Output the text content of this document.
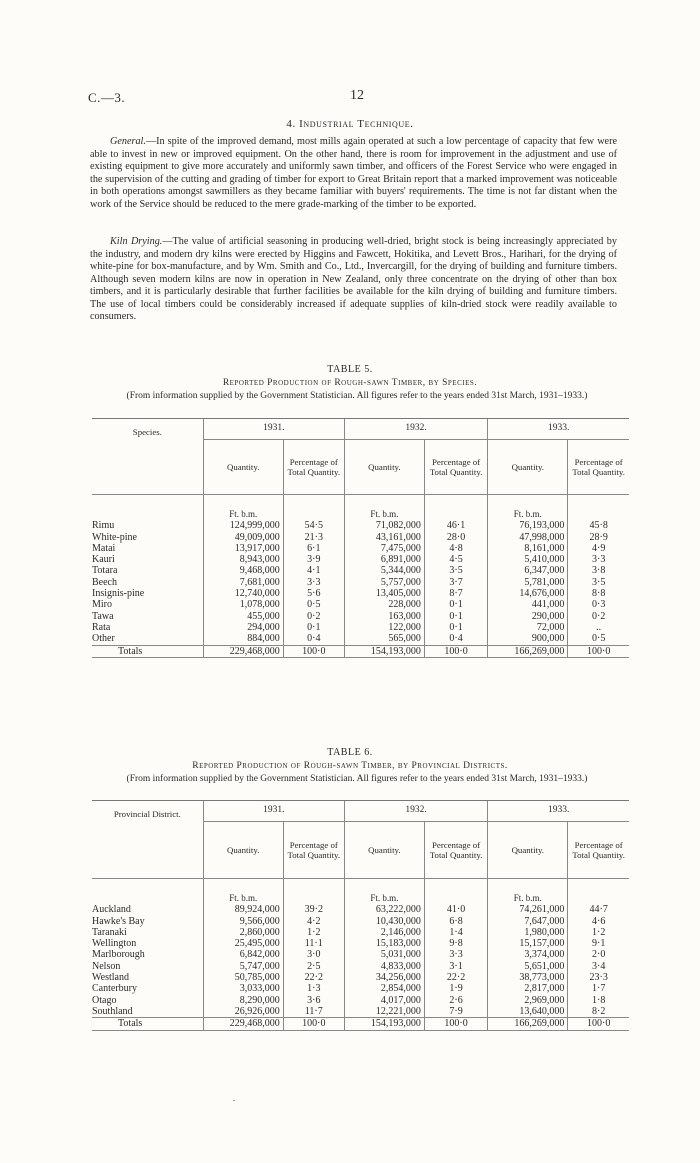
C.—3.	12
4. Industrial Technique.
General.—In spite of the improved demand, most mills again operated at such a low percentage of capacity that few were able to invest in new or improved equipment. On the other hand, there is room for improvement in the adjustment and use of existing equipment to give more accurately and uniformly sawn timber, and officers of the Forest Service who were engaged in the supervision of the cutting and grading of timber for export to Great Britain report that a marked improvement was noticeable in both operations amongst sawmillers as they became familiar with buyers' requirements. The time is not far distant when the work of the Service should be reduced to the mere grade-marking of the timber to be exported.
Kiln Drying.—The value of artificial seasoning in producing well-dried, bright stock is being increasingly appreciated by the industry, and modern dry kilns were erected by Higgins and Fawcett, Hokitika, and Levett Bros., Harihari, for the drying of white-pine for box-manufacture, and by Wm. Smith and Co., Ltd., Invercargill, for the drying of building and furniture timbers. Although seven modern kilns are now in operation in New Zealand, only three concentrate on the drying of other than box timbers, and it is particularly desirable that further facilities be available for the kiln drying of building and furniture timbers. The use of local timbers could be considerably increased if adequate supplies of kiln-dried stock were readily available to consumers.
TABLE 5.
Reported Production of Rough-sawn Timber, by Species.
(From information supplied by the Government Statistician. All figures refer to the years ended 31st March, 1931–1933.)

Species.	1931.		1932.		1933.	
	Quantity.	Percentage of Total Quantity.	Quantity.	Percentage of Total Quantity.	Quantity.	Percentage of Total Quantity.
	Ft. b.m.		Ft. b.m.		Ft. b.m.	
Rimu	124,999,000	54·5	71,082,000	46·1	76,193,000	45·8
White-pine	49,009,000	21·3	43,161,000	28·0	47,998,000	28·9
Matai	13,917,000	6·1	7,475,000	4·8	8,161,000	4·9
Kauri	8,943,000	3·9	6,891,000	4·5	5,410,000	3·3
Totara	9,468,000	4·1	5,344,000	3·5	6,347,000	3·8
Beech	7,681,000	3·3	5,757,000	3·7	5,781,000	3·5
Insignis-pine	12,740,000	5·6	13,405,000	8·7	14,676,000	8·8
Miro	1,078,000	0·5	228,000	0·1	441,000	0·3
Tawa	455,000	0·2	163,000	0·1	290,000	0·2
Rata	294,000	0·1	122,000	0·1	72,000	..
Other	884,000	0·4	565,000	0·4	900,000	0·5
Totals	229,468,000	100·0	154,193,000	100·0	166,269,000	100·0

TABLE 6.
Reported Production of Rough-sawn Timber, by Provincial Districts.
(From information supplied by the Government Statistician. All figures refer to the years ended 31st March, 1931–1933.)

Provincial District.	1931.		1932.		1933.	
	Quantity.	Percentage of Total Quantity.	Quantity.	Percentage of Total Quantity.	Quantity.	Percentage of Total Quantity.
	Ft. b.m.		Ft. b.m.		Ft. b.m.	
Auckland	89,924,000	39·2	63,222,000	41·0	74,261,000	44·7
Hawke's Bay	9,566,000	4·2	10,430,000	6·8	7,647,000	4·6
Taranaki	2,860,000	1·2	2,146,000	1·4	1,980,000	1·2
Wellington	25,495,000	11·1	15,183,000	9·8	15,157,000	9·1
Marlborough	6,842,000	3·0	5,031,000	3·3	3,374,000	2·0
Nelson	5,747,000	2·5	4,833,000	3·1	5,651,000	3·4
Westland	50,785,000	22·2	34,256,000	22·2	38,773,000	23·3
Canterbury	3,033,000	1·3	2,854,000	1·9	2,817,000	1·7
Otago	8,290,000	3·6	4,017,000	2·6	2,969,000	1·8
Southland	26,926,000	11·7	12,221,000	7·9	13,640,000	8·2
Totals	229,468,000	100·0	154,193,000	100·0	166,269,000	100·0
